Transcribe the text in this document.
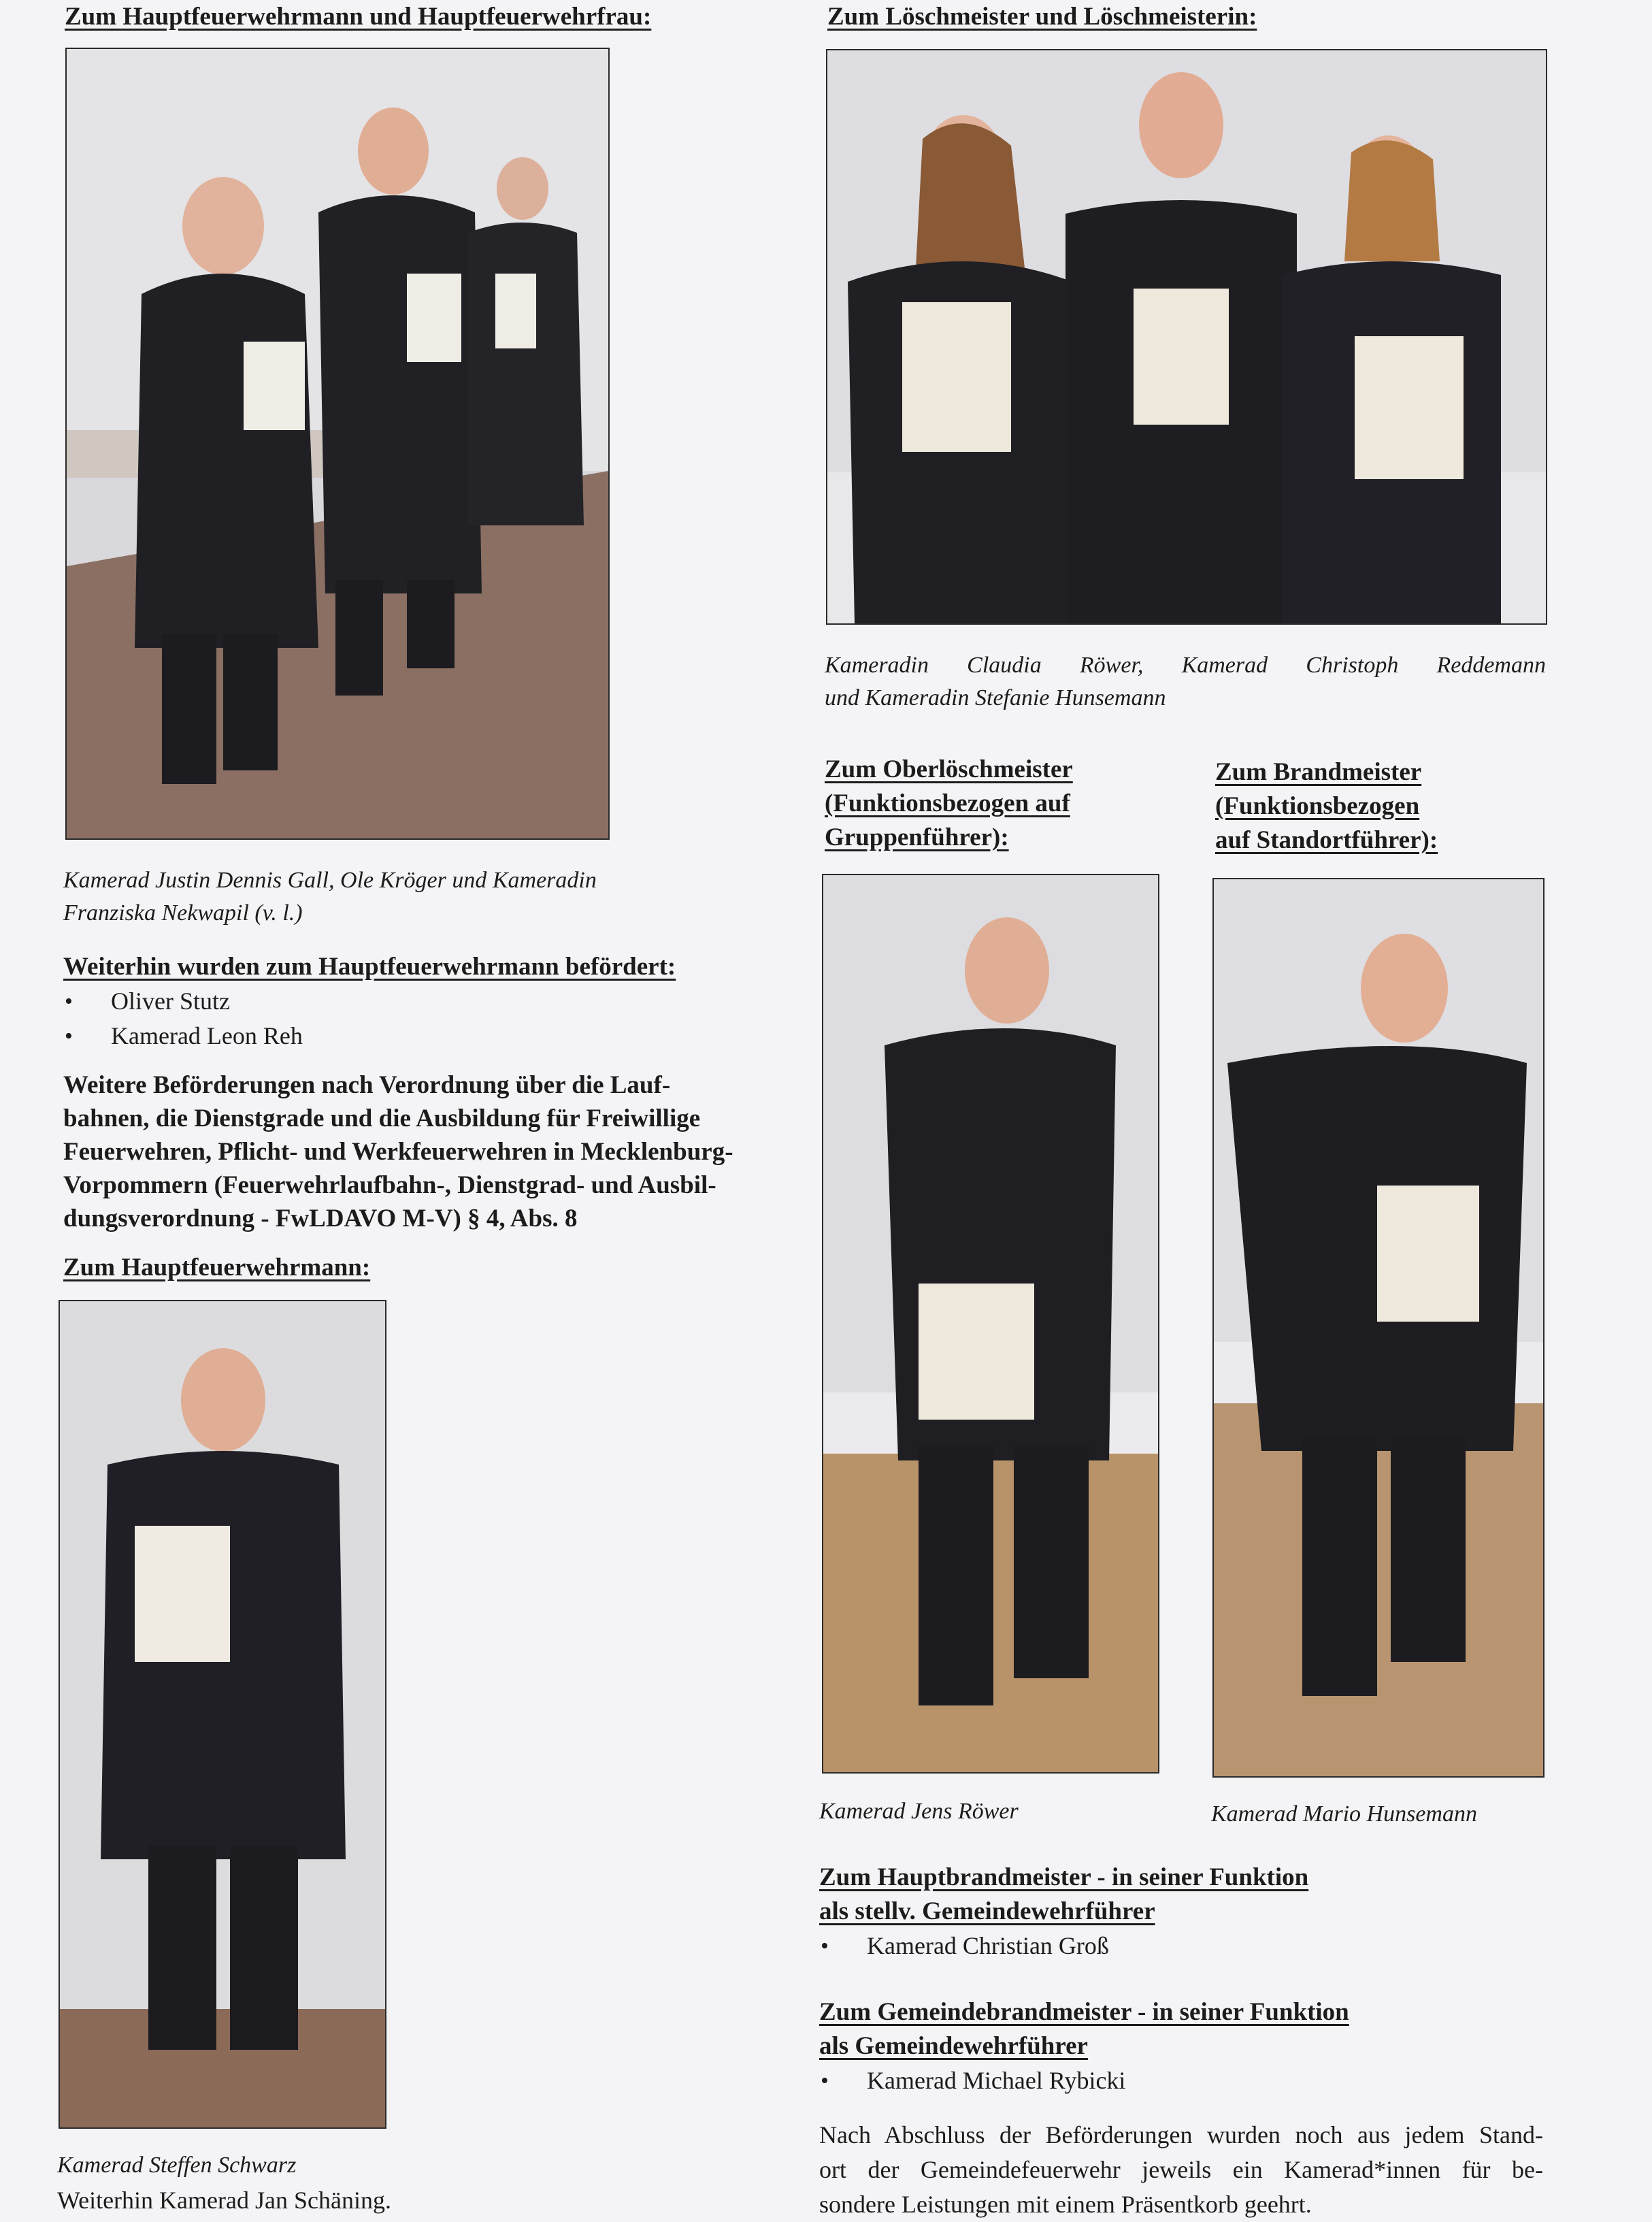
Zum Hauptfeuerwehrmann und Hauptfeuerwehrfrau:

Kamerad Justin Dennis Gall, Ole Kröger und Kameradin

Franziska Nekwapil (v. l.)

Weiterhin wurden zum Hauptfeuerwehrmann befördert:

• Oliver Stutz
• Kamerad Leon Reh

Weitere Beförderungen nach Verordnung über die Lauf-

bahnen, die Dienstgrade und die Ausbildung für Freiwillige

Feuerwehren, Pflicht- und Werkfeuerwehren in Mecklenburg-

Vorpommern (Feuerwehrlaufbahn-, Dienstgrad- und Ausbil-

dungsverordnung - FwLDAVO M-V) § 4, Abs. 8

Zum Hauptfeuerwehrmann:

Kamerad Steffen Schwarz

Weiterhin Kamerad Jan Schäning.

Zum Löschmeister und Löschmeisterin:

Kameradin Claudia Röwer, Kamerad Christoph Reddemann

und Kameradin Stefanie Hunsemann

Zum Oberlöschmeister

(Funktionsbezogen auf

Gruppenführer):

Zum Brandmeister

(Funktionsbezogen

auf Standortführer):

Kamerad Jens Röwer	Kamerad Mario Hunsemann

Zum Hauptbrandmeister - in seiner Funktion

als stellv. Gemeindewehrführer

• Kamerad Christian Groß

Zum Gemeindebrandmeister - in seiner Funktion

als Gemeindewehrführer

• Kamerad Michael Rybicki

Nach Abschluss der Beförderungen wurden noch aus jedem Stand-

ort der Gemeindefeuerwehr jeweils ein Kamerad*innen für be-

sondere Leistungen mit einem Präsentkorb geehrt.
